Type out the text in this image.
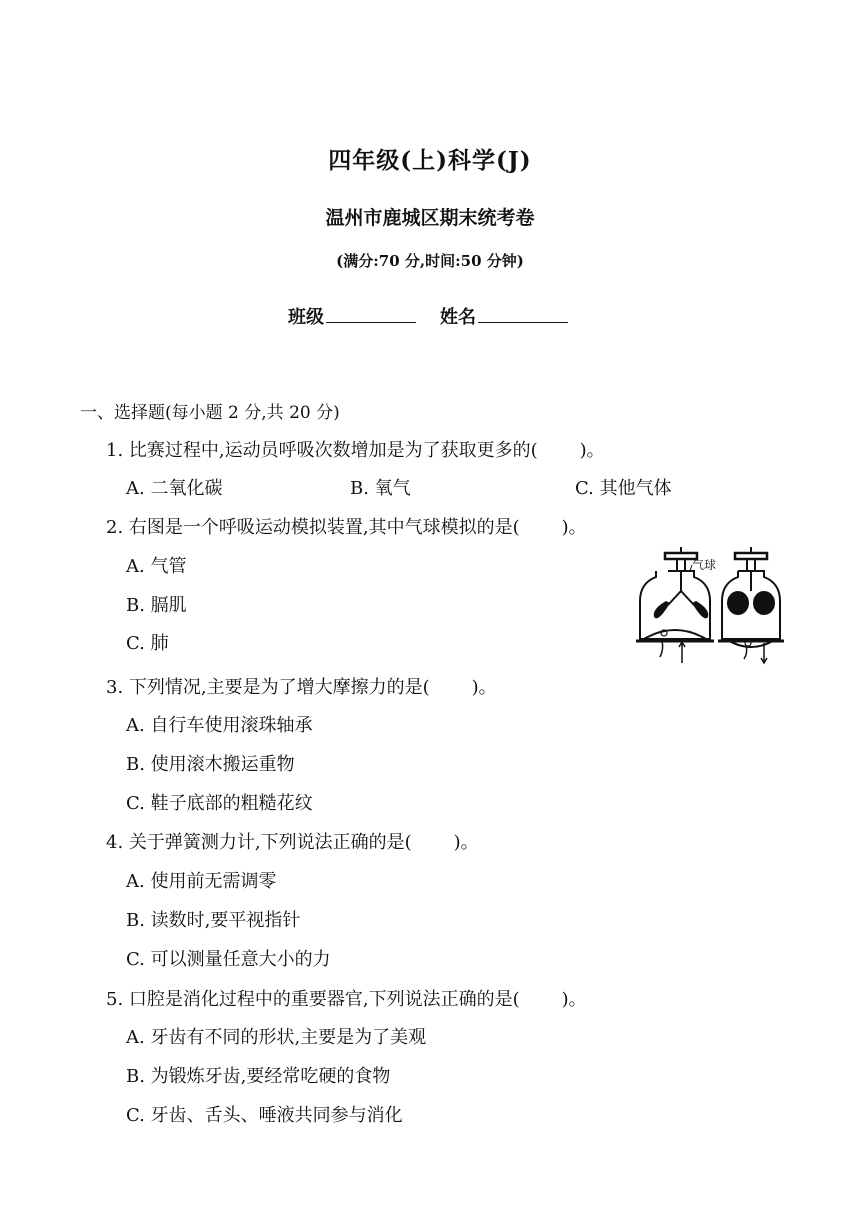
四年级(上)科学(J)
温州市鹿城区期末统考卷
(满分:70 分,时间:50 分钟)
班级	姓名
一、选择题(每小题 2 分,共 20 分)
1. 比赛过程中,运动员呼吸次数增加是为了获取更多的( )。
A. 二氧化碳	B. 氧气	C. 其他气体
2. 右图是一个呼吸运动模拟装置,其中气球模拟的是( )。
A. 气管
B. 膈肌
C. 肺
气球
3. 下列情况,主要是为了增大摩擦力的是( )。
A. 自行车使用滚珠轴承
B. 使用滚木搬运重物
C. 鞋子底部的粗糙花纹
4. 关于弹簧测力计,下列说法正确的是( )。
A. 使用前无需调零
B. 读数时,要平视指针
C. 可以测量任意大小的力
5. 口腔是消化过程中的重要器官,下列说法正确的是( )。
A. 牙齿有不同的形状,主要是为了美观
B. 为锻炼牙齿,要经常吃硬的食物
C. 牙齿、舌头、唾液共同参与消化
